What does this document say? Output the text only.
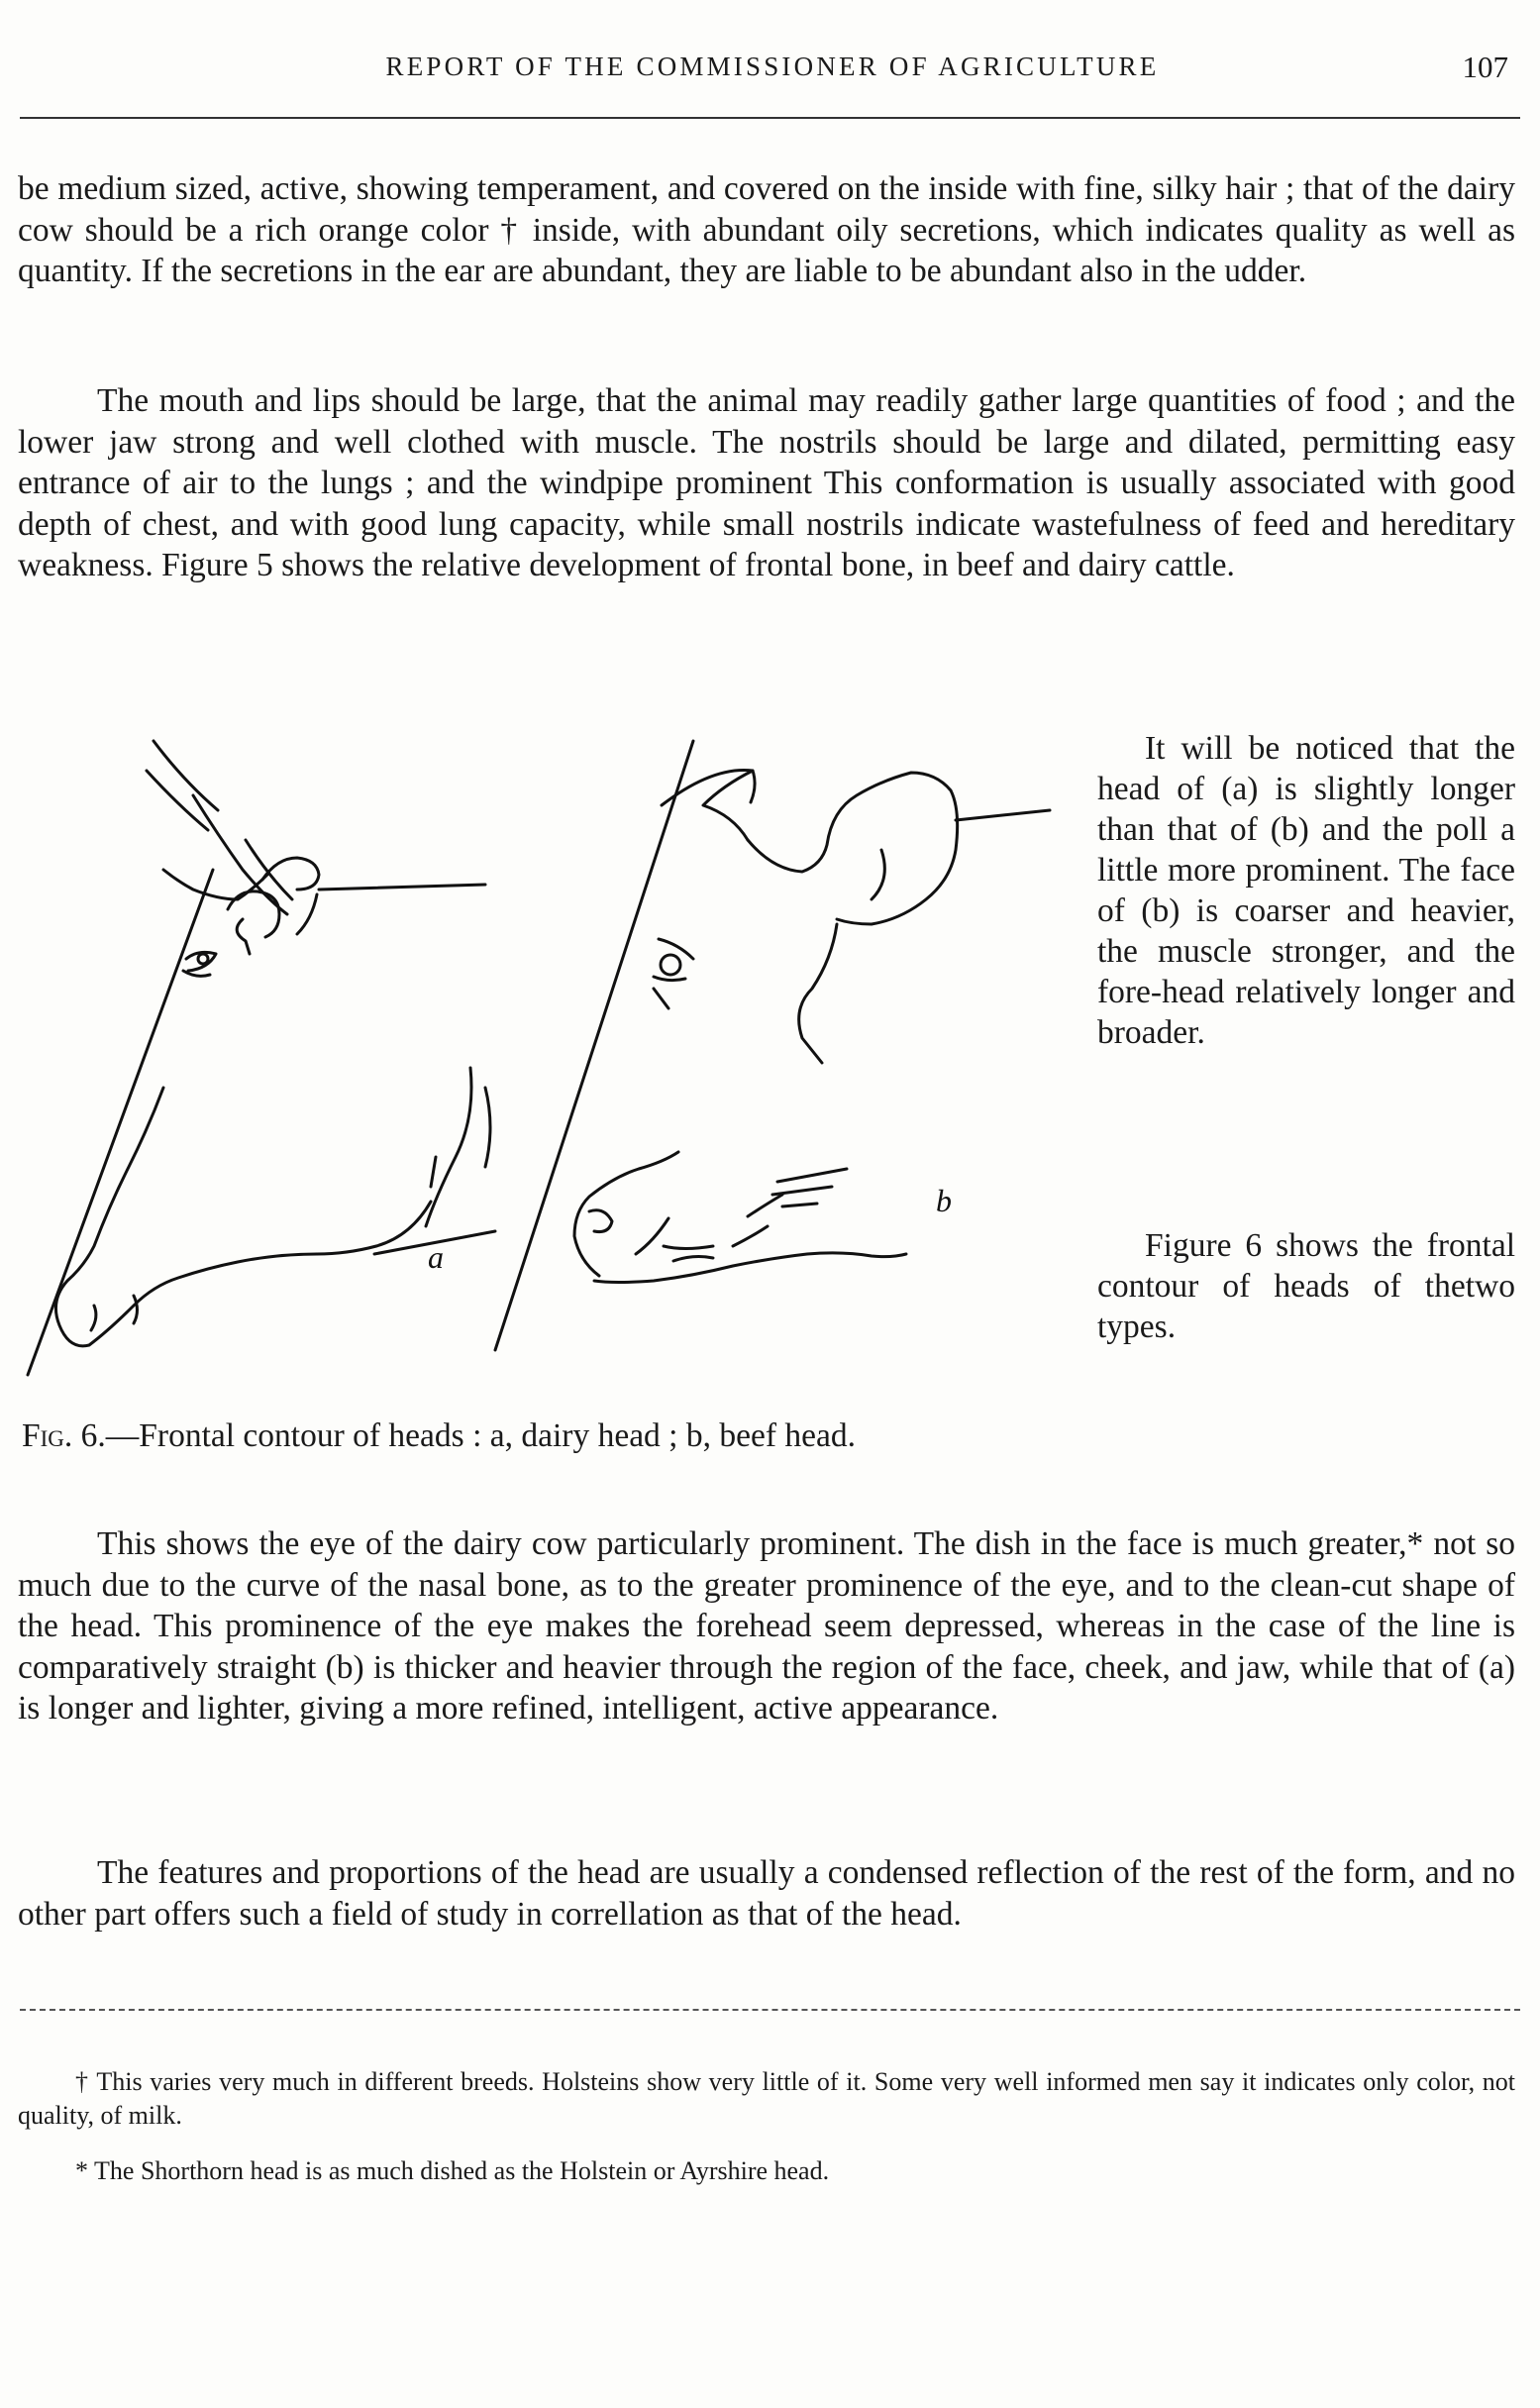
REPORT OF THE COMMISSIONER OF AGRICULTURE	107
be medium sized, active, showing temperament, and covered on the inside with fine, silky hair ; that of the dairy cow should be a rich orange color † inside, with abundant oily secretions, which indicates quality as well as quantity. If the secretions in the ear are abundant, they are liable to be abundant also in the udder.
The mouth and lips should be large, that the animal may readily gather large quantities of food ; and the lower jaw strong and well clothed with muscle. The nostrils should be large and dilated, permitting easy entrance of air to the lungs ; and the windpipe prominent This conformation is usually associated with good depth of chest, and with good lung capacity, while small nostrils indicate wastefulness of feed and hereditary weakness. Figure 5 shows the relative development of frontal bone, in beef and dairy cattle.
a
b
It will be noticed that the head of (a) is slightly longer than that of (b) and the poll a little more prominent. The face of (b) is coarser and heavier, the muscle stronger, and the fore-head relatively longer and broader.
Figure 6 shows the frontal contour of heads of thetwo types.
Fig. 6.—Frontal contour of heads : a, dairy head ; b, beef head.
This shows the eye of the dairy cow particularly prominent. The dish in the face is much greater,* not so much due to the curve of the nasal bone, as to the greater prominence of the eye, and to the clean-cut shape of the head. This prominence of the eye makes the forehead seem depressed, whereas in the case of the line is comparatively straight (b) is thicker and heavier through the region of the face, cheek, and jaw, while that of (a) is longer and lighter, giving a more refined, intelligent, active appearance.
The features and proportions of the head are usually a condensed reflection of the rest of the form, and no other part offers such a field of study in correllation as that of the head.
† This varies very much in different breeds. Holsteins show very little of it. Some very well informed men say it indicates only color, not quality, of milk.
* The Shorthorn head is as much dished as the Holstein or Ayrshire head.
